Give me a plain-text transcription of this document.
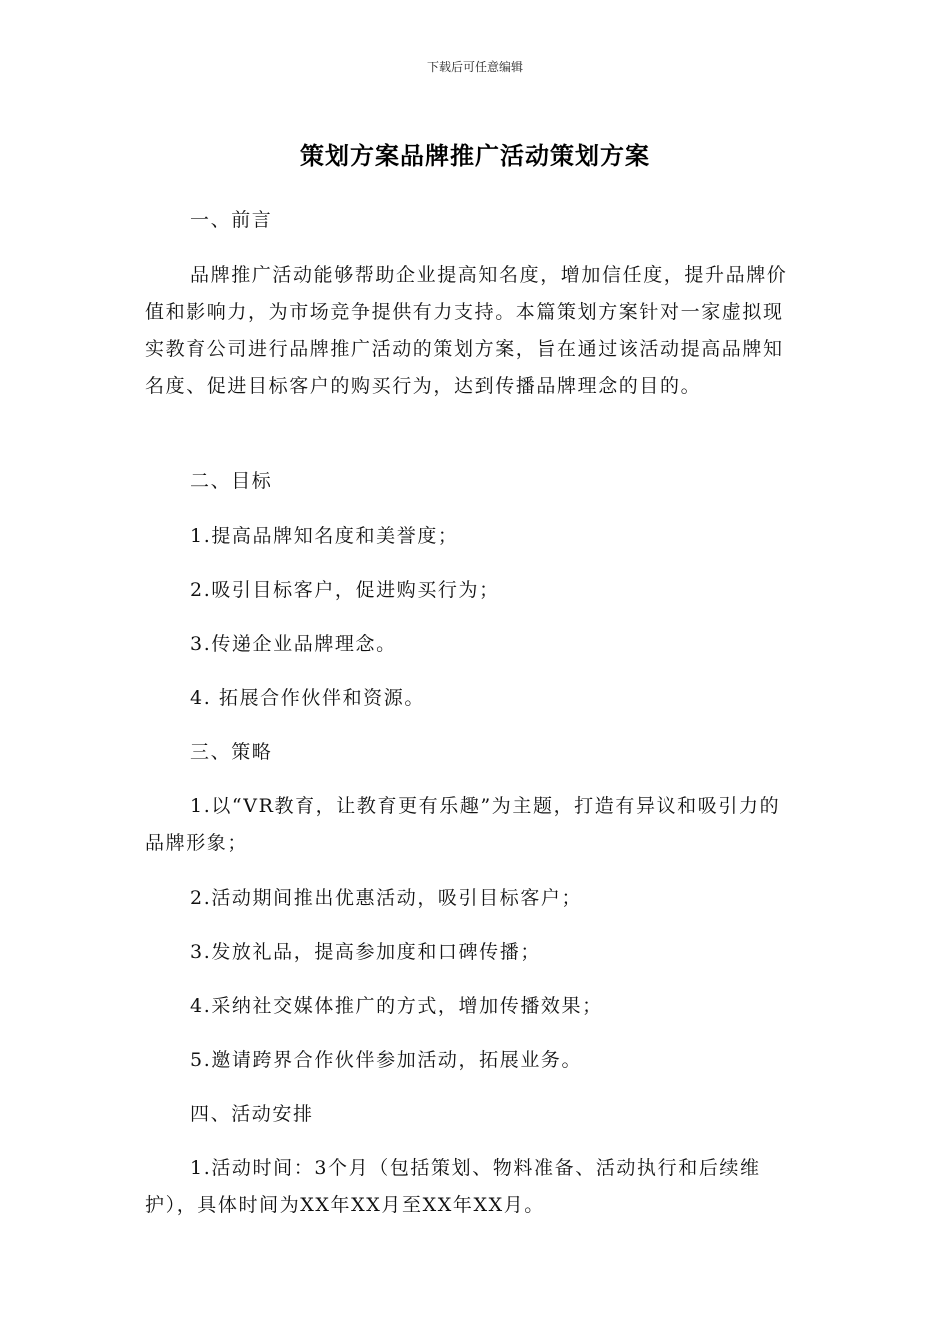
下载后可任意编辑
策划方案品牌推广活动策划方案

一、前言

品牌推广活动能够帮助企业提高知名度，增加信任度，提升品牌价值和影响力，为市场竞争提供有力支持。本篇策划方案针对一家虚拟现实教育公司进行品牌推广活动的策划方案，旨在通过该活动提高品牌知名度、促进目标客户的购买行为，达到传播品牌理念的目的。

二、目标

1.提高品牌知名度和美誉度；

2.吸引目标客户，促进购买行为；

3.传递企业品牌理念。

4. 拓展合作伙伴和资源。

三、策略

1.以“VR教育，让教育更有乐趣”为主题，打造有异议和吸引力的品牌形象；

2.活动期间推出优惠活动，吸引目标客户；

3.发放礼品，提高参加度和口碑传播；

4.采纳社交媒体推广的方式，增加传播效果；

5.邀请跨界合作伙伴参加活动，拓展业务。

四、活动安排

1.活动时间：3个月（包括策划、物料准备、活动执行和后续维护），具体时间为XX年XX月至XX年XX月。
